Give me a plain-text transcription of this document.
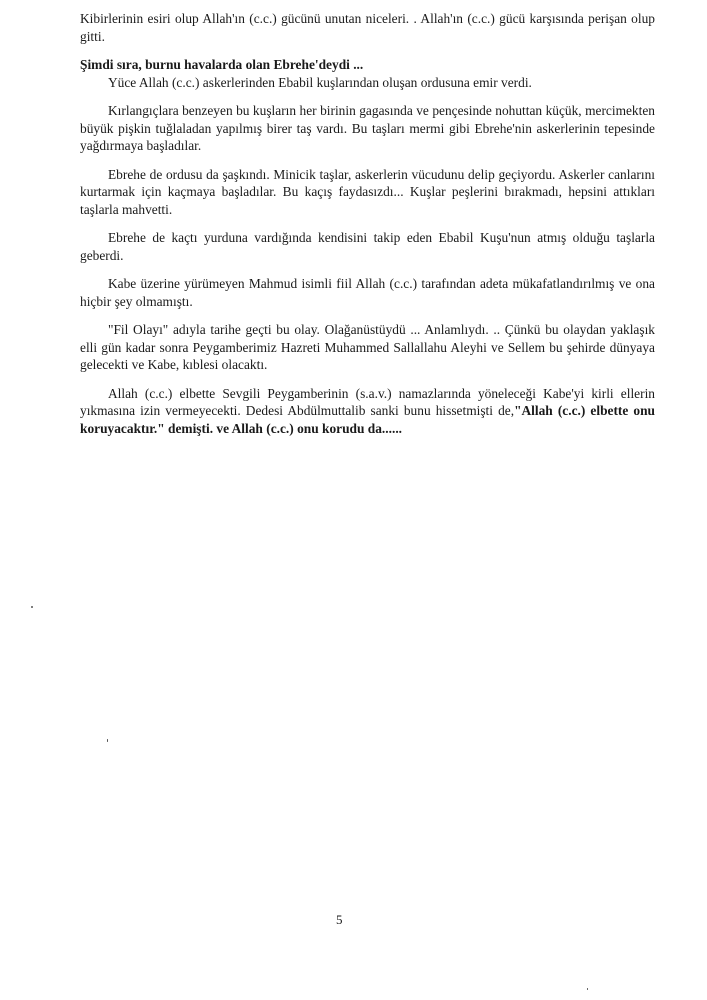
Kibirlerinin esiri olup Allah'ın (c.c.) gücünü unutan niceleri. . Allah'ın (c.c.) gücü karşısında perişan olup gitti.

Şimdi sıra, burnu havalarda olan Ebrehe'deydi ...

Yüce Allah (c.c.) askerlerinden Ebabil kuşlarından oluşan ordusuna emir verdi.

Kırlangıçlara benzeyen bu kuşların her birinin gagasında ve pençesinde nohuttan küçük, mercimekten büyük pişkin tuğlaladan yapılmış birer taş vardı. Bu taşları mermi gibi Ebrehe'nin askerlerinin tepesinde yağdırmaya başladılar.

Ebrehe de ordusu da şaşkındı. Minicik taşlar, askerlerin vücudunu delip geçiyordu. Askerler canlarını kurtarmak için kaçmaya başladılar. Bu kaçış faydasızdı... Kuşlar peşlerini bırakmadı, hepsini attıkları taşlarla mahvetti.

Ebrehe de kaçtı yurduna vardığında kendisini takip eden Ebabil Kuşu'nun atmış olduğu taşlarla geberdi.

Kabe üzerine yürümeyen Mahmud isimli fiil Allah (c.c.) tarafından adeta mükafatlandırılmış ve ona hiçbir şey olmamıştı.

"Fil Olayı" adıyla tarihe geçti bu olay. Olağanüstüydü ... Anlamlıydı. .. Çünkü bu olaydan yaklaşık elli gün kadar sonra Peygamberimiz Hazreti Muhammed Sallallahu Aleyhi ve Sellem bu şehirde dünyaya gelecekti ve Kabe, kıblesi olacaktı.

Allah (c.c.) elbette Sevgili Peygamberinin (s.a.v.) namazlarında yöneleceği Kabe'yi kirli ellerin yıkmasına izin vermeyecekti. Dedesi Abdülmuttalib sanki bunu hissetmişti de,"Allah (c.c.) elbette onu koruyacaktır." demişti. ve Allah (c.c.) onu korudu da......

5
